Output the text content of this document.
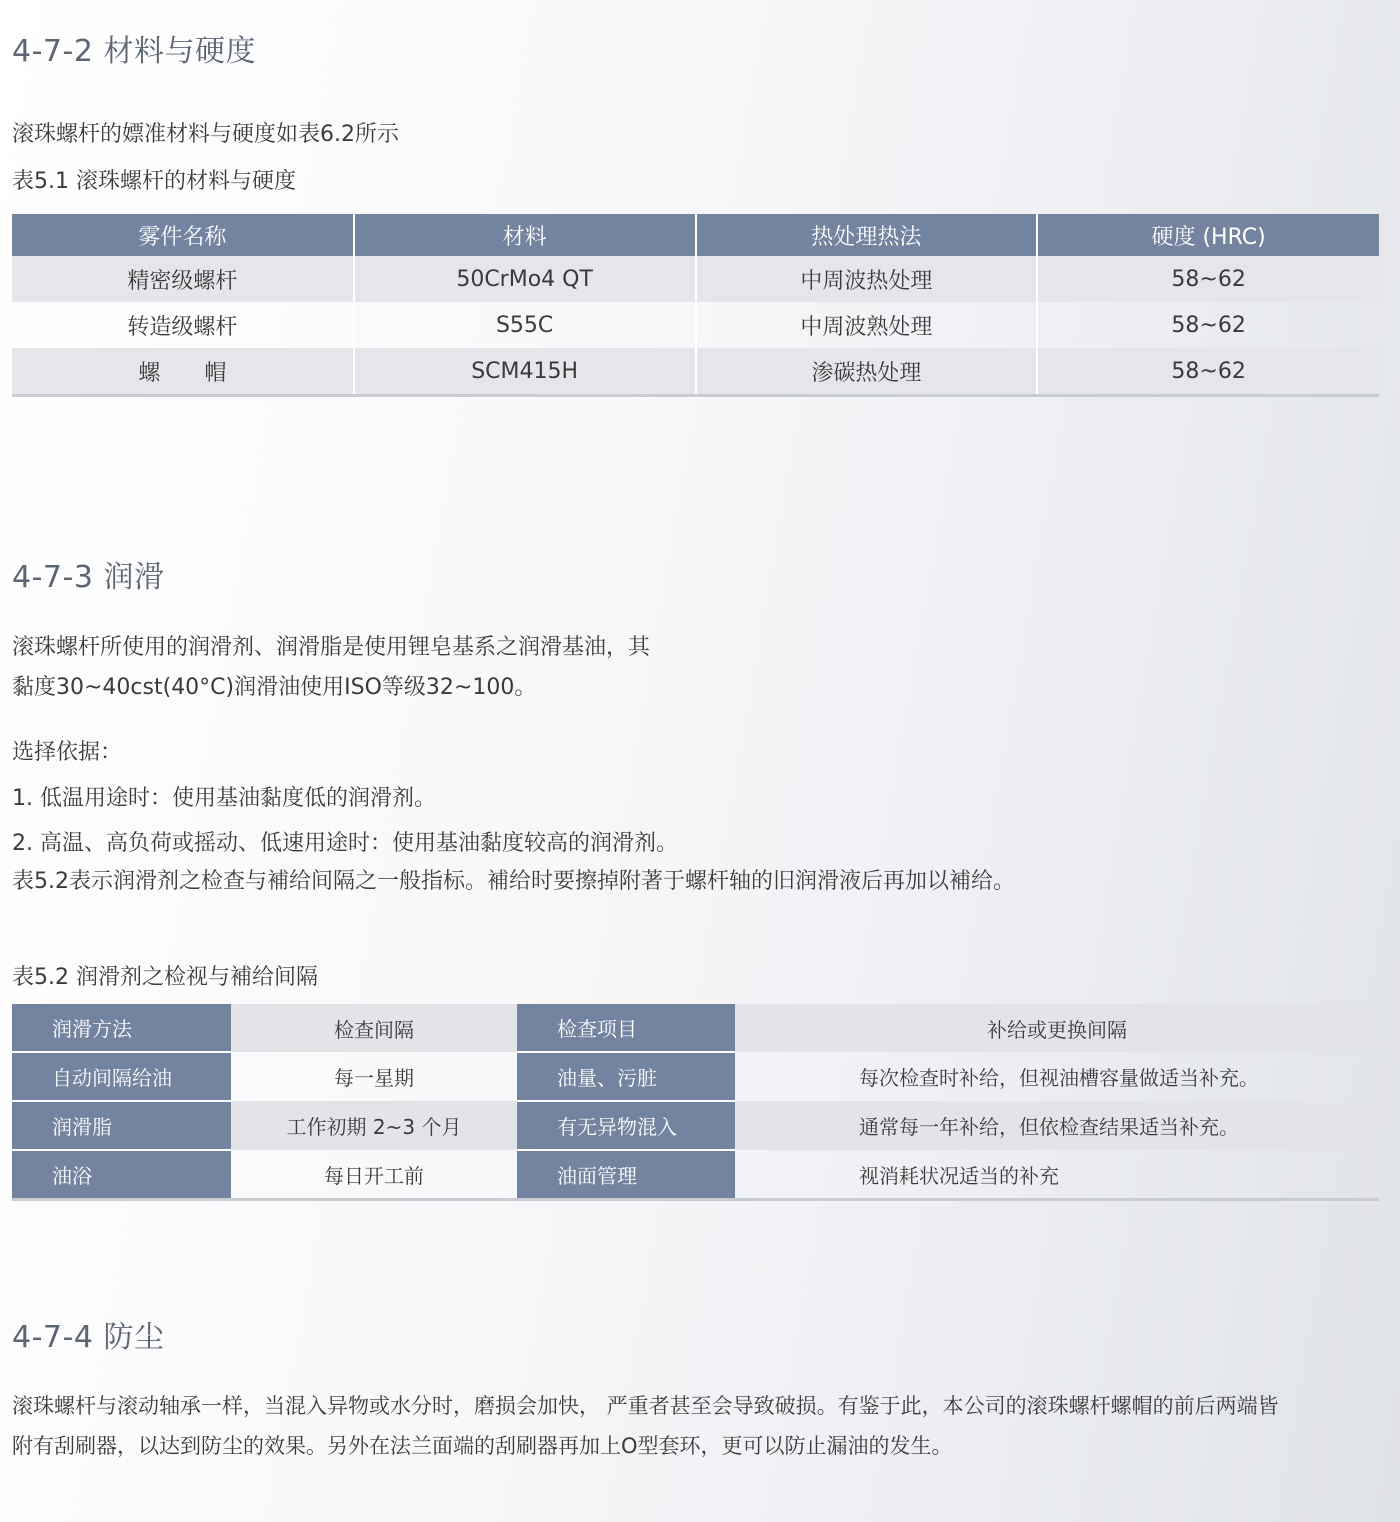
4-7-2 材料与硬度
滚珠螺杆的嫖准材料与硬度如表6.2所示
表5.1 滚珠螺杆的材料与硬度
雾件名称	材料	热处理热法	硬度 (HRC)
精密级螺杆	50CrMo4 QT	中周波热处理	58~62
转造级螺杆	S55C	中周波熟处理	58~62
螺　　帽	SCM415H	渗碳热处理	58~62
4-7-3 润滑
滚珠螺杆所使用的润滑剂、润滑脂是使用锂皂基系之润滑基油，其
黏度30~40cst(40°C)润滑油使用ISO等级32~100。
选择依据：
1. 低温用途时：使用基油黏度低的润滑剂。
2. 高温、高负荷或摇动、低速用途时：使用基油黏度较高的润滑剂。
表5.2表示润滑剂之检查与補给间隔之一般指标。補给时要擦掉附著于螺杆轴的旧润滑液后再加以補给。
表5.2 润滑剂之检视与補给间隔
润滑方法	检查间隔	检查项目	补给或更换间隔
自动间隔给油	每一星期	油量、污脏	每次检查时补给，但视油槽容量做适当补充。
润滑脂	工作初期 2~3 个月	有无异物混入	通常每一年补给，但依检查结果适当补充。
油浴	每日开工前	油面管理	视消耗状况适当的补充
4-7-4 防尘
滚珠螺杆与滚动轴承一样，当混入异物或水分时，磨损会加快， 严重者甚至会导致破损。有鉴于此，本公司的滚珠螺杆螺帽的前后两端皆
附有刮刷器，以达到防尘的效果。另外在法兰面端的刮刷器再加上O型套环，更可以防止漏油的发生。
